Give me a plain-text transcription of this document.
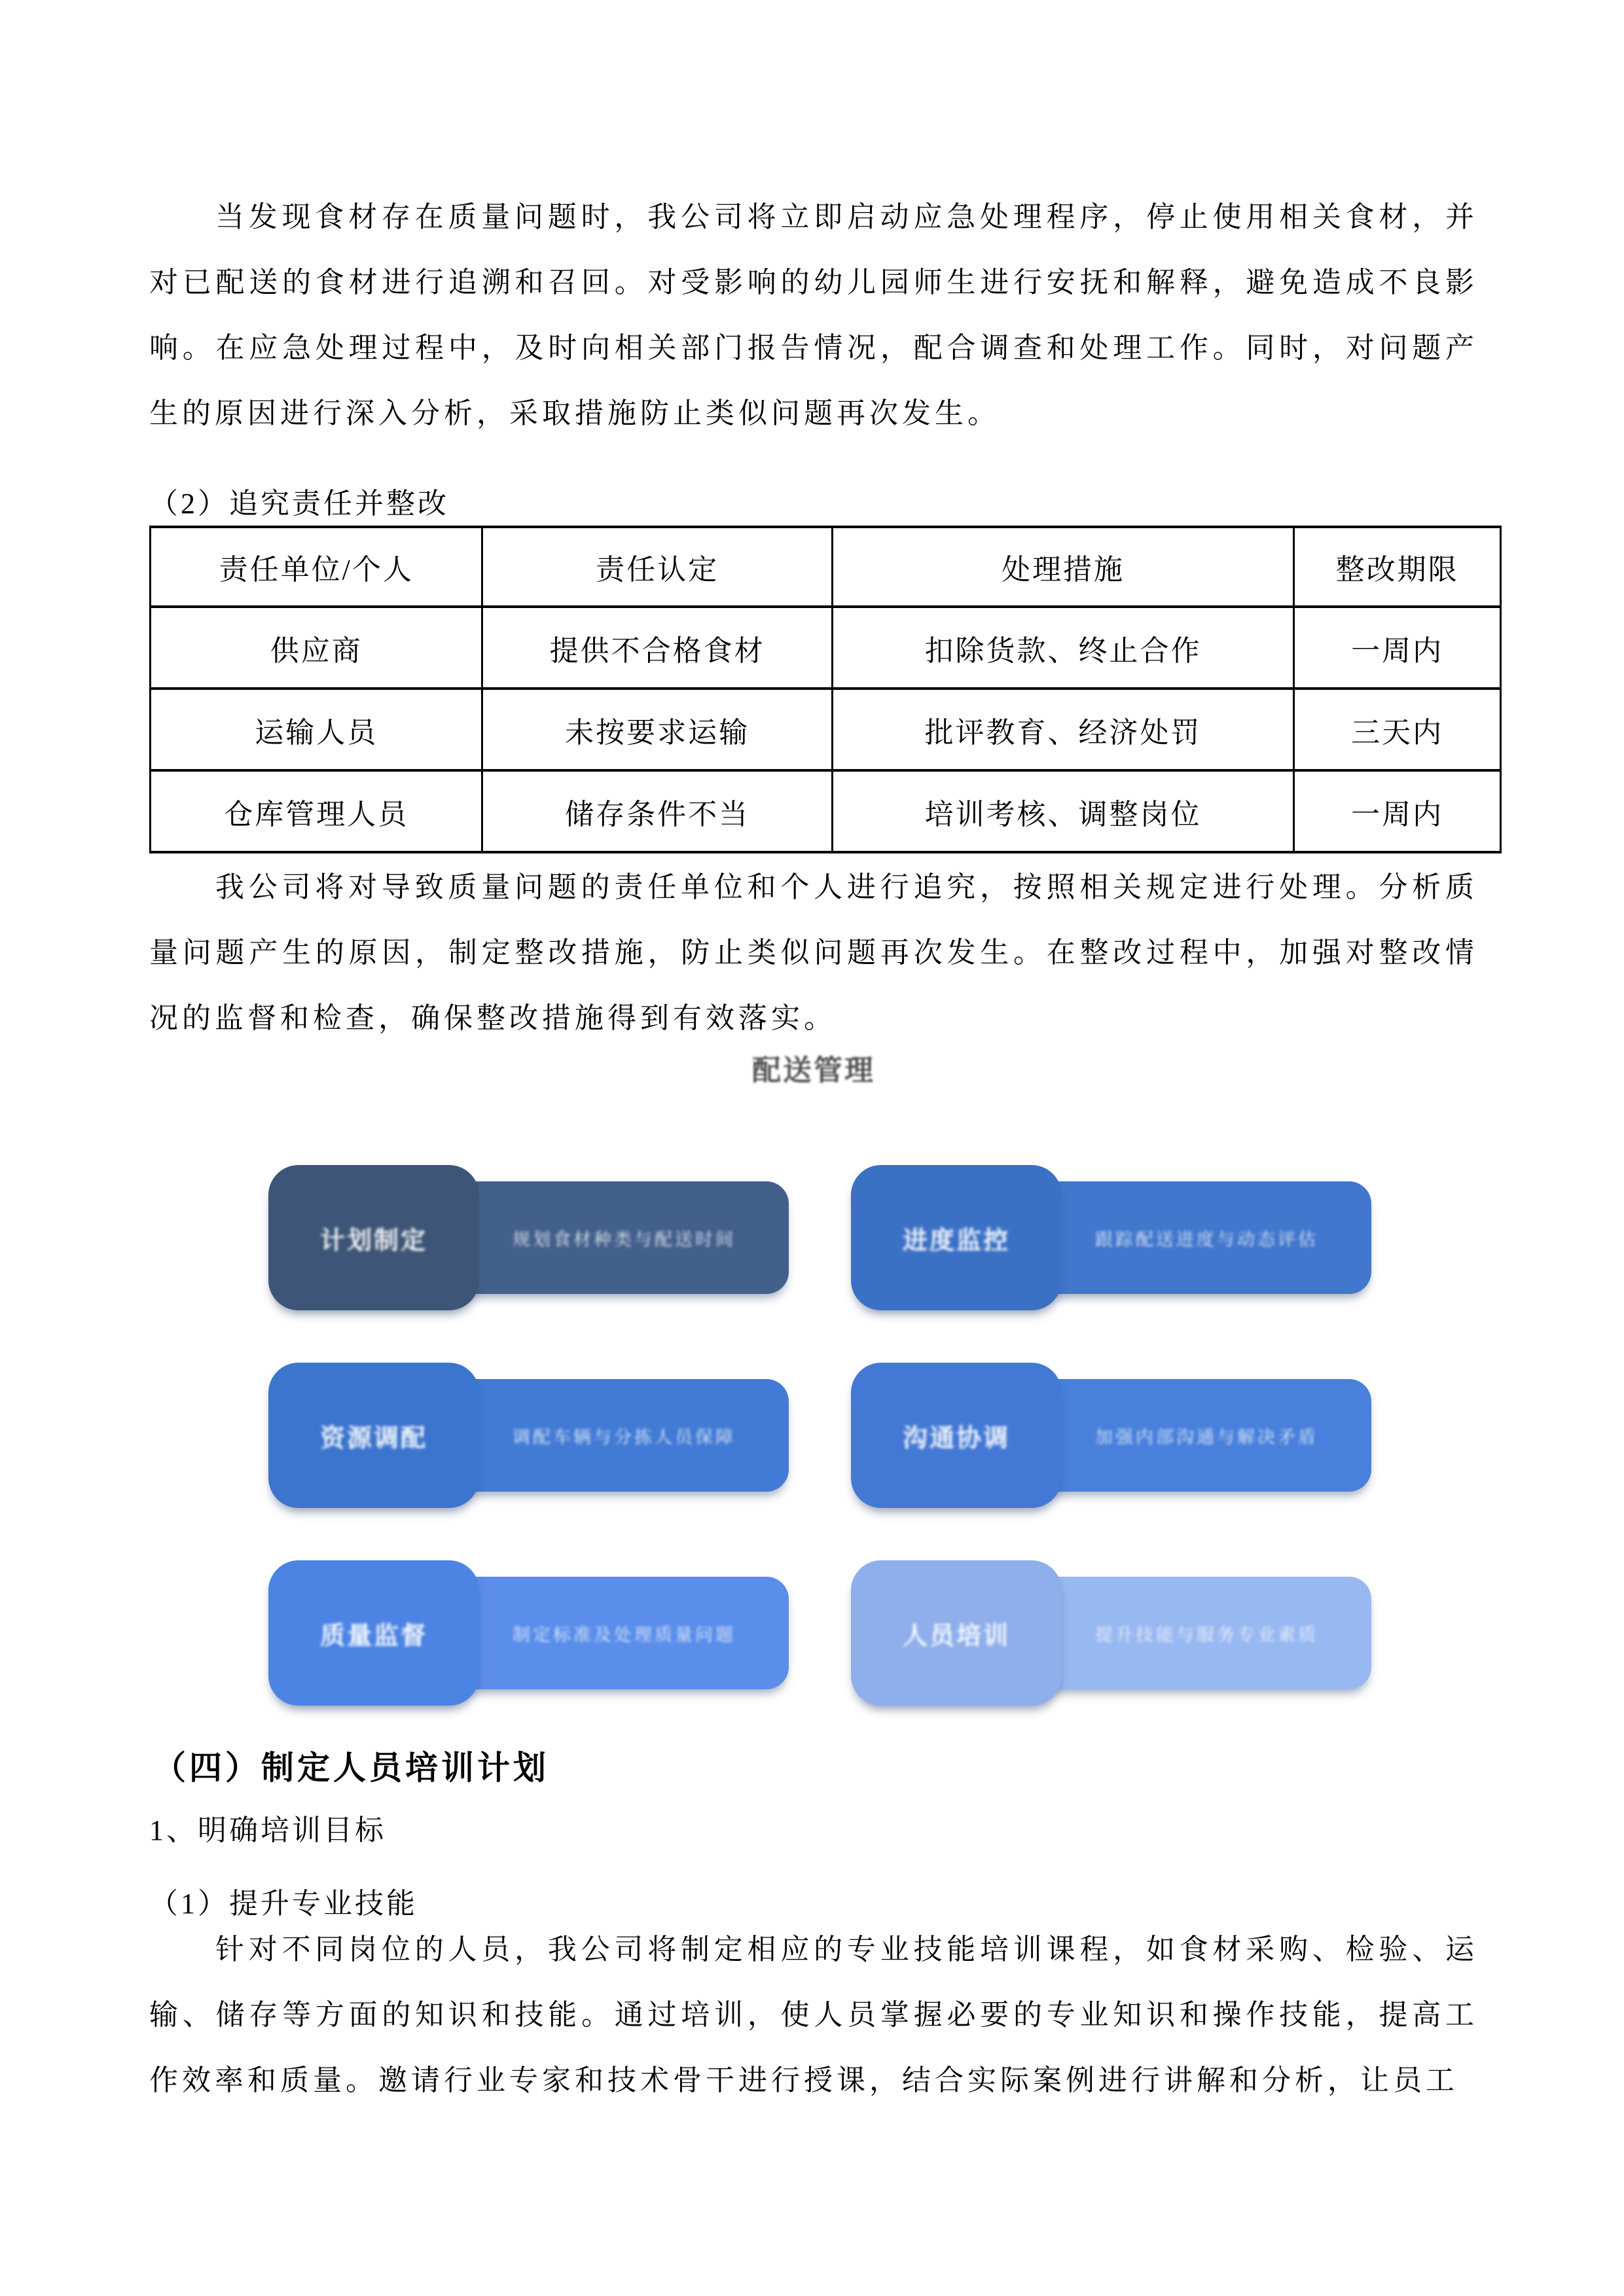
当发现食材存在质量问题时，我公司将立即启动应急处理程序，停止使用相关食材，并对已配送的食材进行追溯和召回。对受影响的幼儿园师生进行安抚和解释，避免造成不良影响。在应急处理过程中，及时向相关部门报告情况，配合调查和处理工作。同时，对问题产生的原因进行深入分析，采取措施防止类似问题再次发生。

（2）追究责任并整改
责任单位/个人	责任认定	处理措施	整改期限
供应商	提供不合格食材	扣除货款、终止合作	一周内
运输人员	未按要求运输	批评教育、经济处罚	三天内
仓库管理人员	储存条件不当	培训考核、调整岗位	一周内

我公司将对导致质量问题的责任单位和个人进行追究，按照相关规定进行处理。分析质量问题产生的原因，制定整改措施，防止类似问题再次发生。在整改过程中，加强对整改情况的监督和检查，确保整改措施得到有效落实。

配送管理
计划制定	规划食材种类与配送时间	进度监控	跟踪配送进度与动态评估
资源调配	调配车辆与分拣人员保障	沟通协调	加强内部沟通与解决矛盾
质量监督	制定标准及处理质量问题	人员培训	提升技能与服务专业素质
（四）制定人员培训计划
1、明确培训目标
（1）提升专业技能

针对不同岗位的人员，我公司将制定相应的专业技能培训课程，如食材采购、检验、运输、储存等方面的知识和技能。通过培训，使人员掌握必要的专业知识和操作技能，提高工作效率和质量。邀请行业专家和技术骨干进行授课，结合实际案例进行讲解和分析，让员工
